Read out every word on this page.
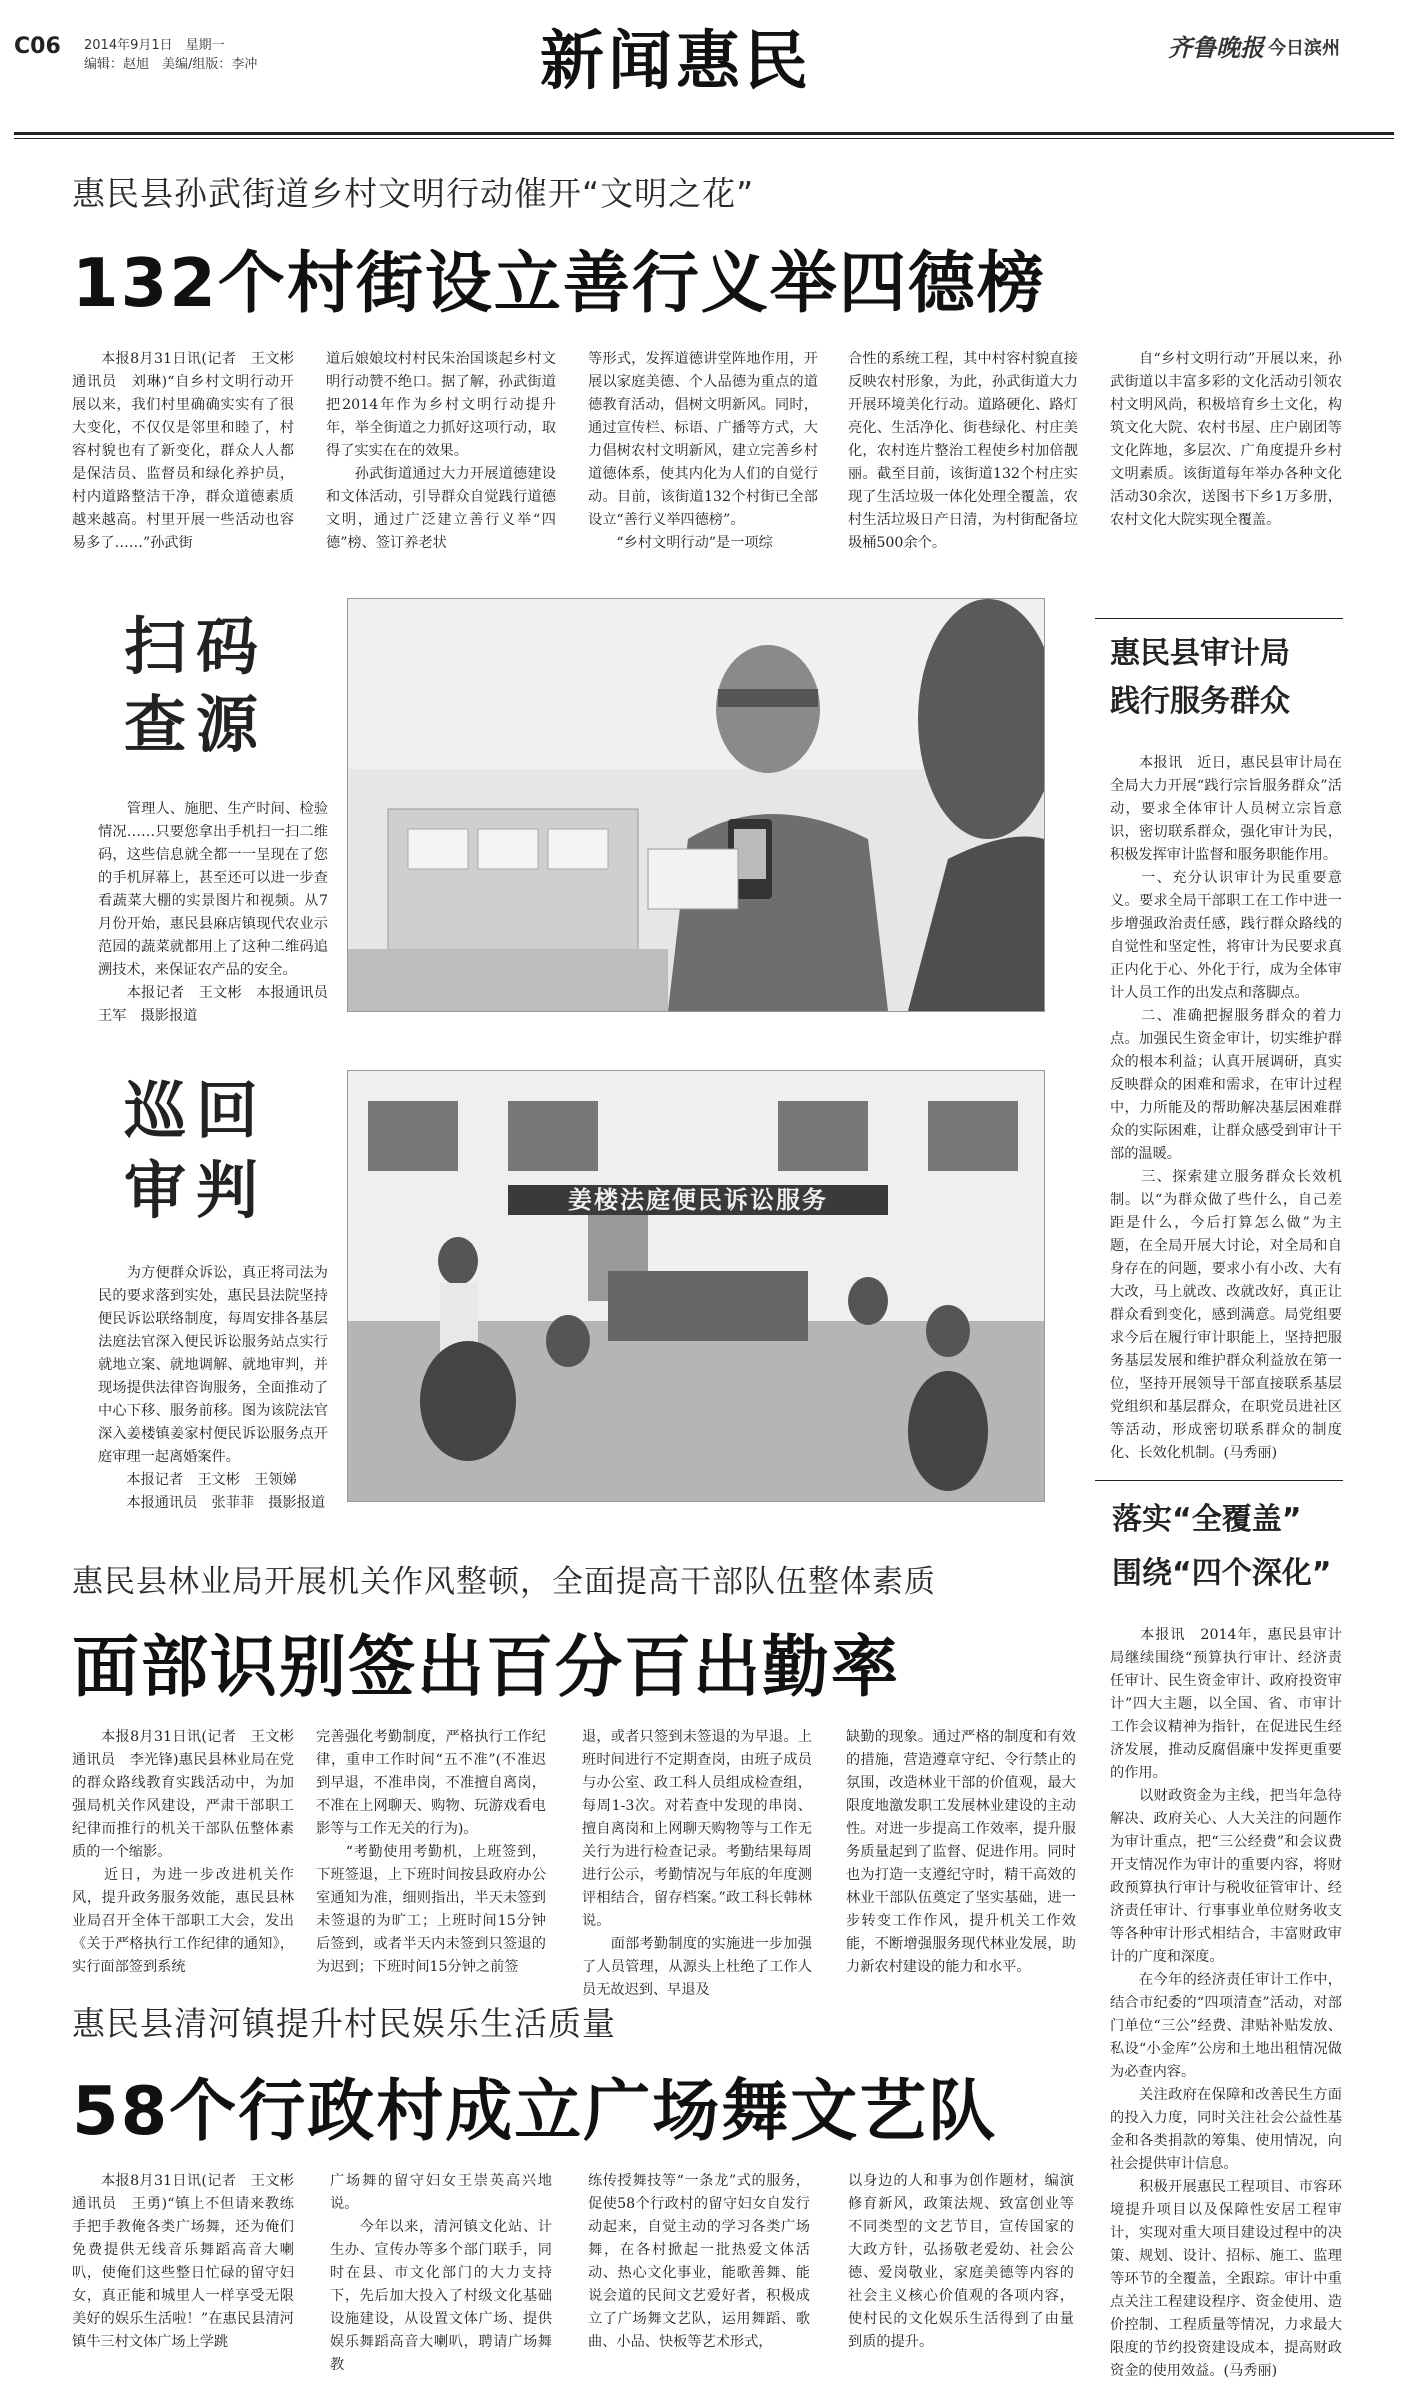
C06 2014年9月1日　星期一
编辑：赵旭　美编/组版：李冲	新闻惠民	齐鲁晚报 今日滨州
惠民县孙武街道乡村文明行动催开“文明之花”
132个村街设立善行义举四德榜
　　本报8月31日讯(记者　王文彬　通讯员　刘琳)“自乡村文明行动开展以来，我们村里确确实实有了很大变化，不仅仅是邻里和睦了，村容村貌也有了新变化，群众人人都是保洁员、监督员和绿化养护员，村内道路整洁干净，群众道德素质越来越高。村里开展一些活动也容易多了……”孙武街
道后娘娘坟村村民朱治国谈起乡村文明行动赞不绝口。据了解，孙武街道把2014年作为乡村文明行动提升年，举全街道之力抓好这项行动，取得了实实在在的效果。
　　孙武街道通过大力开展道德建设和文体活动，引导群众自觉践行道德文明，通过广泛建立善行义举“四德”榜、签订养老状
等形式，发挥道德讲堂阵地作用，开展以家庭美德、个人品德为重点的道德教育活动，倡树文明新风。同时，通过宣传栏、标语、广播等方式，大力倡树农村文明新风，建立完善乡村道德体系，使其内化为人们的自觉行动。目前，该街道132个村街已全部设立“善行义举四德榜”。
　　“乡村文明行动”是一项综
合性的系统工程，其中村容村貌直接反映农村形象，为此，孙武街道大力开展环境美化行动。道路硬化、路灯亮化、生活净化、街巷绿化、村庄美化，农村连片整治工程使乡村加倍靓丽。截至目前，该街道132个村庄实现了生活垃圾一体化处理全覆盖，农村生活垃圾日产日清，为村街配备垃圾桶500余个。
　　自“乡村文明行动”开展以来，孙武街道以丰富多彩的文化活动引领农村文明风尚，积极培育乡土文化，构筑文化大院、农村书屋、庄户剧团等文化阵地，多层次、广角度提升乡村文明素质。该街道每年举办各种文化活动30余次，送图书下乡1万多册，农村文化大院实现全覆盖。
扫码
查源
　　管理人、施肥、生产时间、检验情况……只要您拿出手机扫一扫二维码，这些信息就全都一一呈现在了您的手机屏幕上，甚至还可以进一步查看蔬菜大棚的实景图片和视频。从7月份开始，惠民县麻店镇现代农业示范园的蔬菜就都用上了这种二维码追溯技术，来保证农产品的安全。
　　本报记者　王文彬　本报通讯员　王军　摄影报道
巡回
审判
　　为方便群众诉讼，真正将司法为民的要求落到实处，惠民县法院坚持便民诉讼联络制度，每周安排各基层法庭法官深入便民诉讼服务站点实行就地立案、就地调解、就地审判，并现场提供法律咨询服务，全面推动了中心下移、服务前移。图为该院法官深入姜楼镇姜家村便民诉讼服务点开庭审理一起离婚案件。
　　本报记者　王文彬　王领娣
　　本报通讯员　张菲菲　摄影报道
姜楼法庭便民诉讼服务
惠民县审计局
践行服务群众
　　本报讯　近日，惠民县审计局在全局大力开展“践行宗旨服务群众”活动，要求全体审计人员树立宗旨意识，密切联系群众，强化审计为民，积极发挥审计监督和服务职能作用。
　　一、充分认识审计为民重要意义。要求全局干部职工在工作中进一步增强政治责任感，践行群众路线的自觉性和坚定性，将审计为民要求真正内化于心、外化于行，成为全体审计人员工作的出发点和落脚点。
　　二、准确把握服务群众的着力点。加强民生资金审计，切实维护群众的根本利益；认真开展调研，真实反映群众的困难和需求，在审计过程中，力所能及的帮助解决基层困难群众的实际困难，让群众感受到审计干部的温暖。
　　三、探索建立服务群众长效机制。以“为群众做了些什么，自己差距是什么，今后打算怎么做”为主题，在全局开展大讨论，对全局和自身存在的问题，要求小有小改、大有大改，马上就改、改就改好，真正让群众看到变化，感到满意。局党组要求今后在履行审计职能上，坚持把服务基层发展和维护群众利益放在第一位，坚持开展领导干部直接联系基层党组织和基层群众，在职党员进社区等活动，形成密切联系群众的制度化、长效化机制。(马秀丽)
落实“全覆盖”
围绕“四个深化”
　　本报讯　2014年，惠民县审计局继续围绕“预算执行审计、经济责任审计、民生资金审计、政府投资审计”四大主题，以全国、省、市审计工作会议精神为指针，在促进民生经济发展，推动反腐倡廉中发挥更重要的作用。
　　以财政资金为主线，把当年急待解决、政府关心、人大关注的问题作为审计重点，把“三公经费”和会议费开支情况作为审计的重要内容，将财政预算执行审计与税收征管审计、经济责任审计、行事事业单位财务收支等各种审计形式相结合，丰富财政审计的广度和深度。
　　在今年的经济责任审计工作中，结合市纪委的“四项清查”活动，对部门单位“三公”经费、津贴补贴发放、私设“小金库”公房和土地出租情况做为必查内容。
　　关注政府在保障和改善民生方面的投入力度，同时关注社会公益性基金和各类捐款的筹集、使用情况，向社会提供审计信息。
　　积极开展惠民工程项目、市容环境提升项目以及保障性安居工程审计，实现对重大项目建设过程中的决策、规划、设计、招标、施工、监理等环节的全覆盖，全跟踪。审计中重点关注工程建设程序、资金使用、造价控制、工程质量等情况，力求最大限度的节约投资建设成本，提高财政资金的使用效益。(马秀丽)
惠民县林业局开展机关作风整顿，全面提高干部队伍整体素质
面部识别签出百分百出勤率
　　本报8月31日讯(记者　王文彬　通讯员　李光锋)惠民县林业局在党的群众路线教育实践活动中，为加强局机关作风建设，严肃干部职工纪律而推行的机关干部队伍整体素质的一个缩影。
　　近日，为进一步改进机关作风，提升政务服务效能，惠民县林业局召开全体干部职工大会，发出《关于严格执行工作纪律的通知》，实行面部签到系统
完善强化考勤制度，严格执行工作纪律，重申工作时间“五不准”(不准迟到早退，不准串岗，不准擅自离岗，不准在上网聊天、购物、玩游戏看电影等与工作无关的行为)。
　　“考勤使用考勤机，上班签到，下班签退，上下班时间按县政府办公室通知为准，细则指出，半天未签到未签退的为旷工；上班时间15分钟后签到，或者半天内未签到只签退的为迟到；下班时间15分钟之前签
退，或者只签到未签退的为早退。上班时间进行不定期查岗，由班子成员与办公室、政工科人员组成检查组，每周1-3次。对若查中发现的串岗、擅自离岗和上网聊天购物等与工作无关行为进行检查记录。考勤结果每周进行公示，考勤情况与年底的年度测评相结合，留存档案。”政工科长韩林说。
　　面部考勤制度的实施进一步加强了人员管理，从源头上杜绝了工作人员无故迟到、早退及
缺勤的现象。通过严格的制度和有效的措施，营造遵章守纪、令行禁止的氛围，改造林业干部的价值观，最大限度地激发职工发展林业建设的主动性。对进一步提高工作效率，提升服务质量起到了监督、促进作用。同时也为打造一支遵纪守时，精干高效的林业干部队伍奠定了坚实基础，进一步转变工作作风，提升机关工作效能，不断增强服务现代林业发展，助力新农村建设的能力和水平。
惠民县清河镇提升村民娱乐生活质量
58个行政村成立广场舞文艺队
　　本报8月31日讯(记者　王文彬　通讯员　王勇)“镇上不但请来教练手把手教俺各类广场舞，还为俺们免费提供无线音乐舞蹈高音大喇叭，使俺们这些整日忙碌的留守妇女，真正能和城里人一样享受无限美好的娱乐生活啦！”在惠民县清河镇牛三村文体广场上学跳
广场舞的留守妇女王崇英高兴地说。
　　今年以来，清河镇文化站、计生办、宣传办等多个部门联手，同时在县、市文化部门的大力支持下，先后加大投入了村级文化基础设施建设，从设置文体广场、提供娱乐舞蹈高音大喇叭，聘请广场舞教
练传授舞技等“一条龙”式的服务，促使58个行政村的留守妇女自发行动起来，自觉主动的学习各类广场舞，在各村掀起一批热爱文体活动、热心文化事业，能歌善舞、能说会道的民间文艺爱好者，积极成立了广场舞文艺队，运用舞蹈、歌曲、小品、快板等艺术形式，
以身边的人和事为创作题材，编演修育新风，政策法规、致富创业等不同类型的文艺节目，宣传国家的大政方针，弘扬敬老爱幼、社会公德、爱岗敬业，家庭美德等内容的社会主义核心价值观的各项内容，使村民的文化娱乐生活得到了由量到质的提升。
